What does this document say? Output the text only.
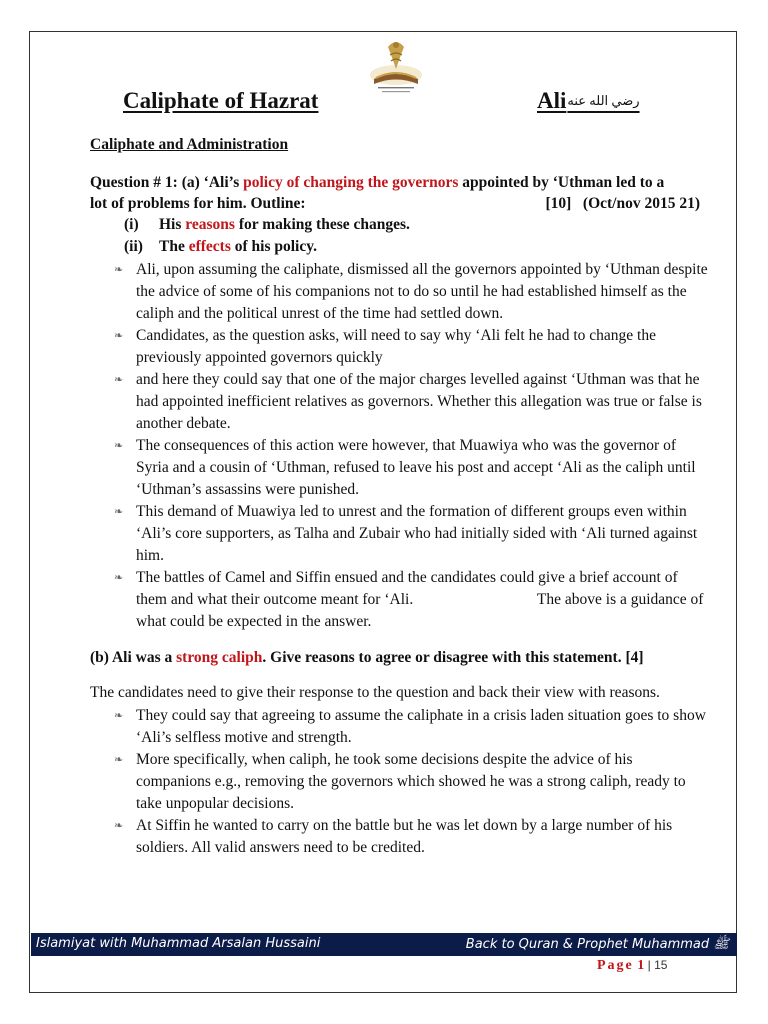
Caliphate of Hazrat	Aliرضي الله عنه
Caliphate and Administration
Question # 1: (a) ‘Ali’s policy of changing the governors appointed by ‘Uthman led to a
lot of problems for him. Outline:	[10]   (Oct/nov 2015 21)
(i) His reasons for making these changes.
(ii) The effects of his policy.
❧ Ali, upon assuming the caliphate, dismissed all the governors appointed by ‘Uthman despite the advice of some of his companions not to do so until he had established himself as the caliph and the political unrest of the time had settled down.
❧ Candidates, as the question asks, will need to say why ‘Ali felt he had to change the previously appointed governors quickly
❧ and here they could say that one of the major charges levelled against ‘Uthman was that he had appointed inefficient relatives as governors. Whether this allegation was true or false is another debate.
❧ The consequences of this action were however, that Muawiya who was the governor of Syria and a cousin of ‘Uthman, refused to leave his post and accept ‘Ali as the caliph until ‘Uthman’s assassins were punished.
❧ This demand of Muawiya led to unrest and the formation of different groups even within ‘Ali’s core supporters, as Talha and Zubair who had initially sided with ‘Ali turned against him.
❧ The battles of Camel and Siffin ensued and the candidates could give a brief account of them and what their outcome meant for ‘Ali.                                The above is a guidance of what could be expected in the answer.
(b) Ali was a strong caliph. Give reasons to agree or disagree with this statement. [4]
The candidates need to give their response to the question and back their view with reasons.
❧ They could say that agreeing to assume the caliphate in a crisis laden situation goes to show ‘Ali’s selfless motive and strength.
❧ More specifically, when caliph, he took some decisions despite the advice of his companions e.g., removing the governors which showed he was a strong caliph, ready to take unpopular decisions.
❧ At Siffin he wanted to carry on the battle but he was let down by a large number of his soldiers. All valid answers need to be credited.
Islamiyat with Muhammad Arsalan Hussaini	Back to Quran & Prophet Muhammad ﷺ
Page 1 | 15
